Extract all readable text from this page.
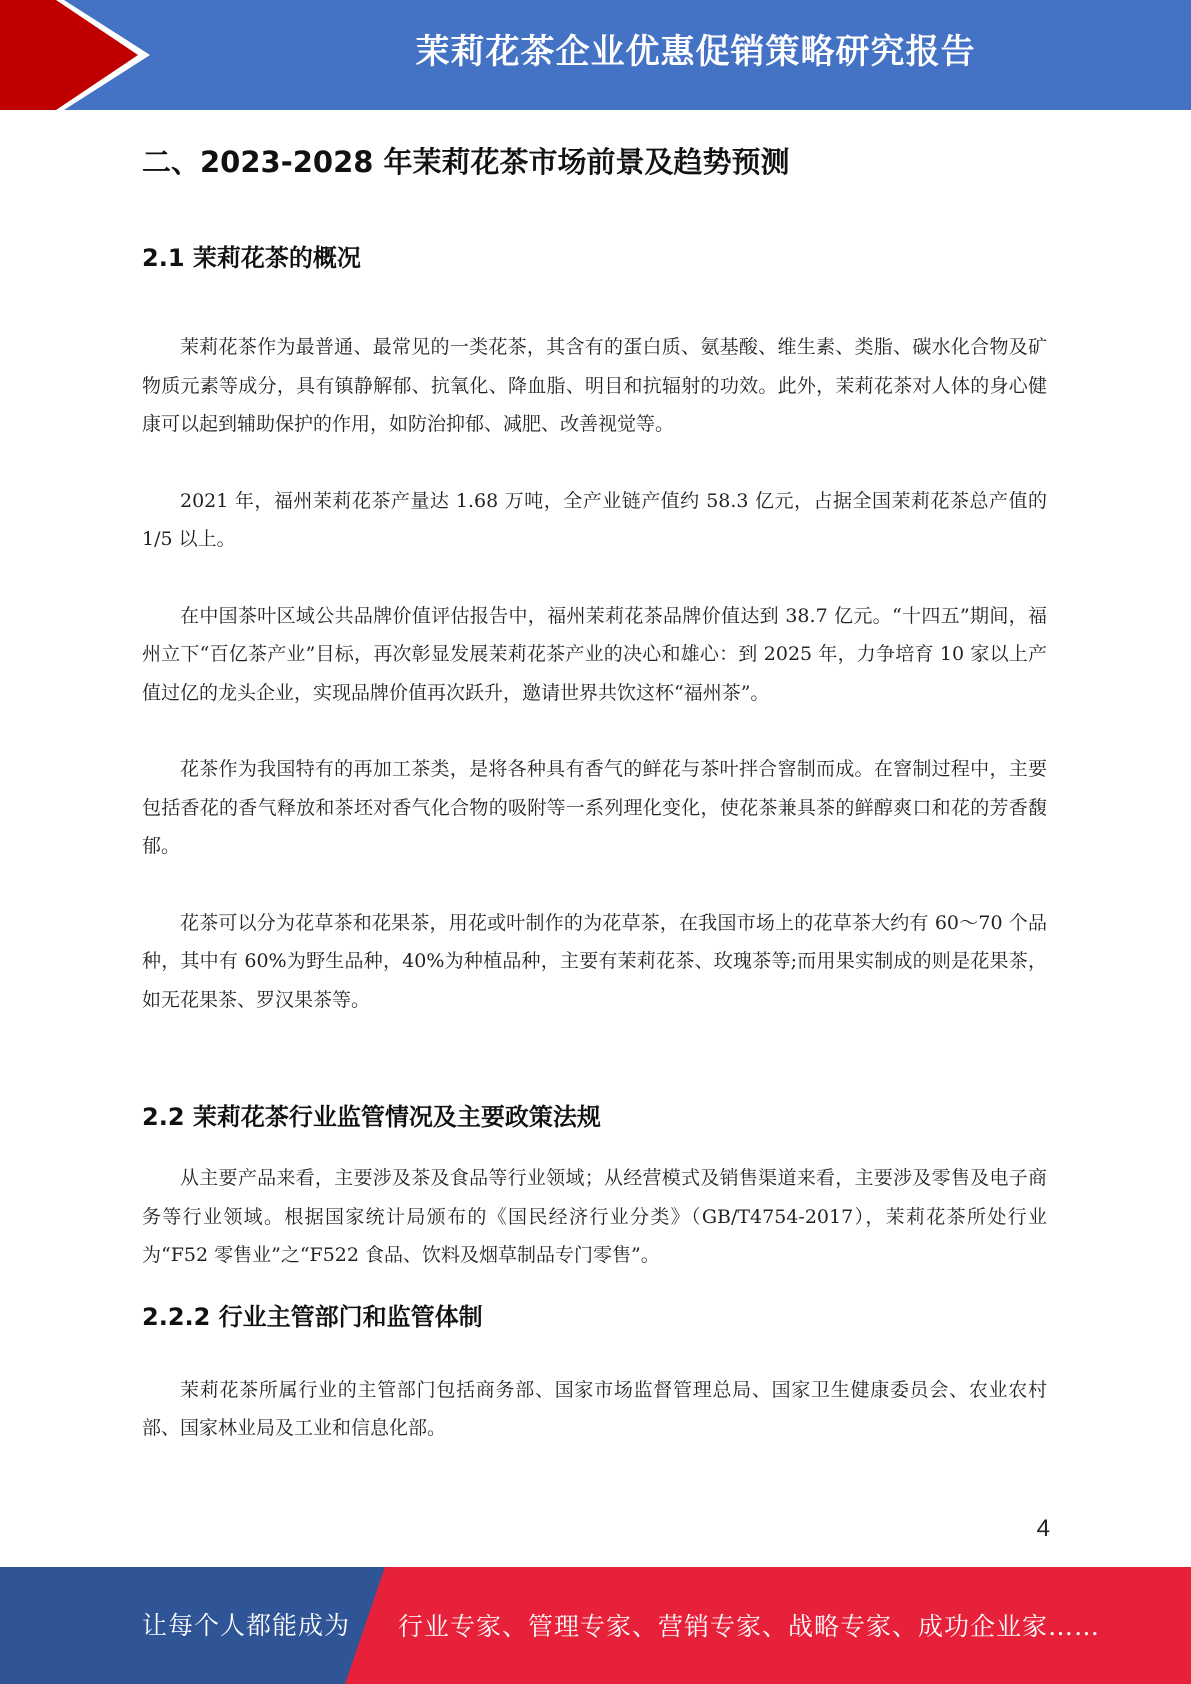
茉莉花茶企业优惠促销策略研究报告
二、2023-2028 年茉莉花茶市场前景及趋势预测
2.1 茉莉花茶的概况

茉莉花茶作为最普通、最常见的一类花茶，其含有的蛋白质、氨基酸、维生素、类脂、碳水化合物及矿物质元素等成分，具有镇静解郁、抗氧化、降血脂、明目和抗辐射的功效。此外，茉莉花茶对人体的身心健康可以起到辅助保护的作用，如防治抑郁、减肥、改善视觉等。

2021 年，福州茉莉花茶产量达 1.68 万吨，全产业链产值约 58.3 亿元，占据全国茉莉花茶总产值的 1/5 以上。

在中国茶叶区域公共品牌价值评估报告中，福州茉莉花茶品牌价值达到 38.7 亿元。“十四五”期间，福州立下“百亿茶产业”目标，再次彰显发展茉莉花茶产业的决心和雄心：到 2025 年，力争培育 10 家以上产值过亿的龙头企业，实现品牌价值再次跃升，邀请世界共饮这杯“福州茶”。

花茶作为我国特有的再加工茶类，是将各种具有香气的鲜花与茶叶拌合窨制而成。在窨制过程中，主要包括香花的香气释放和茶坯对香气化合物的吸附等一系列理化变化，使花茶兼具茶的鲜醇爽口和花的芳香馥郁。

花茶可以分为花草茶和花果茶，用花或叶制作的为花草茶，在我国市场上的花草茶大约有 60～70 个品种，其中有 60%为野生品种，40%为种植品种，主要有茉莉花茶、玫瑰茶等;而用果实制成的则是花果茶，如无花果茶、罗汉果茶等。

2.2 茉莉花茶行业监管情况及主要政策法规

从主要产品来看，主要涉及茶及食品等行业领域；从经营模式及销售渠道来看，主要涉及零售及电子商务等行业领域。根据国家统计局颁布的《国民经济行业分类》（GB/T4754-2017），茉莉花茶所处行业为“F52 零售业”之“F522 食品、饮料及烟草制品专门零售”。

2.2.2 行业主管部门和监管体制

茉莉花茶所属行业的主管部门包括商务部、国家市场监督管理总局、国家卫生健康委员会、农业农村部、国家林业局及工业和信息化部。

4
让每个人都能成为 行业专家、管理专家、营销专家、战略专家、成功企业家……
